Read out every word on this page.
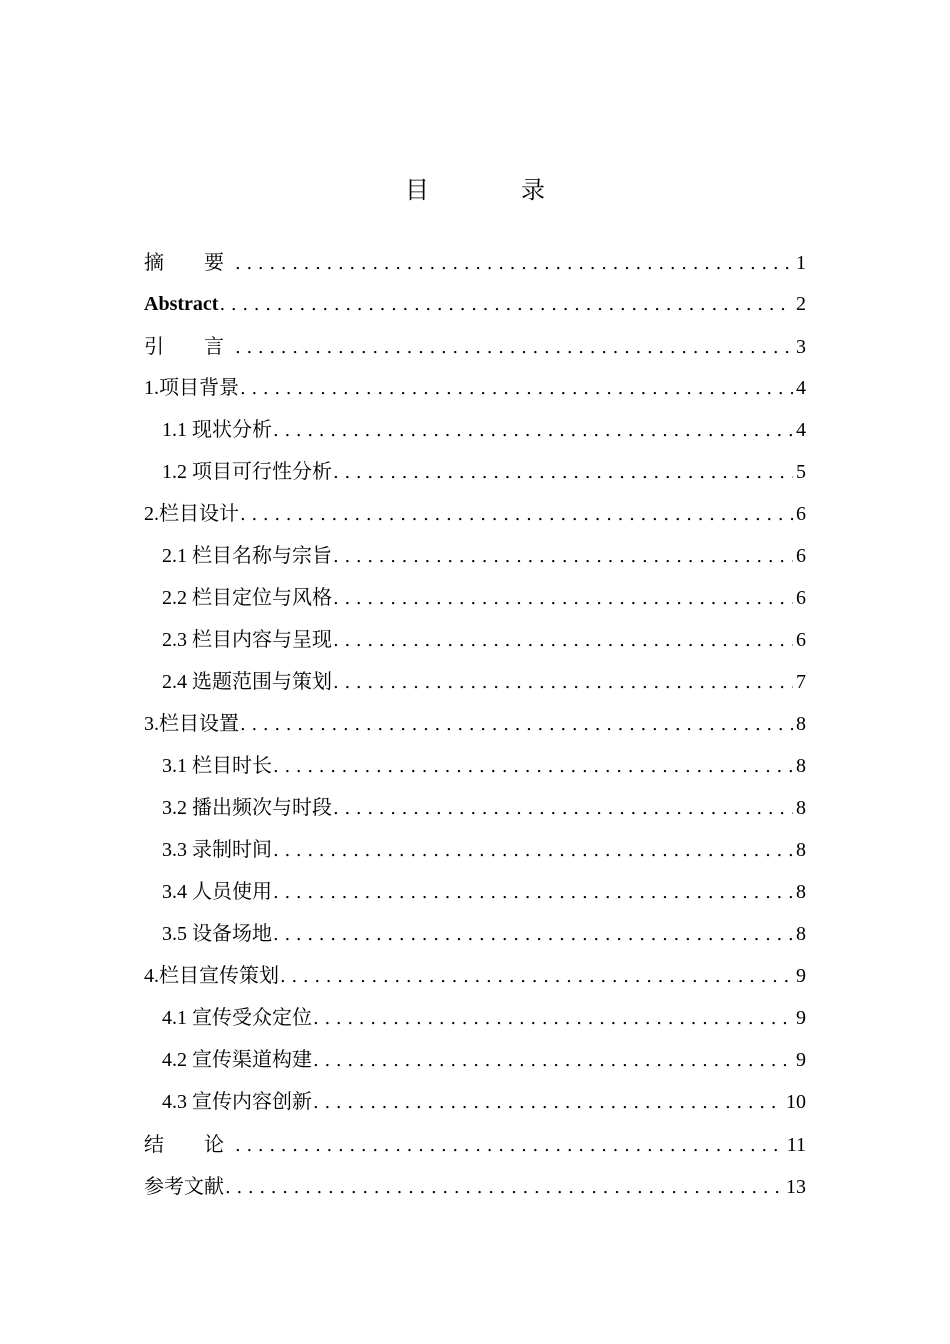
目　录
摘　要 . . .	1
Abstract . . .	2
引　言 . . .	3
1.项目背景 . . .	4
1.1 现状分析 . . .	4
1.2 项目可行性分析 . . .	5
2.栏目设计 . . .	6
2.1 栏目名称与宗旨 . . .	6
2.2 栏目定位与风格 . . .	6
2.3 栏目内容与呈现 . . .	6
2.4 选题范围与策划 . . .	7
3.栏目设置 . . .	8
3.1 栏目时长 . . .	8
3.2 播出频次与时段 . . .	8
3.3 录制时间 . . .	8
3.4 人员使用 . . .	8
3.5 设备场地 . . .	8
4.栏目宣传策划 . . .	9
4.1 宣传受众定位 . . .	9
4.2 宣传渠道构建 . . .	9
4.3 宣传内容创新 . . .	10
结　论 . . .	11
参考文献 . . .	13
